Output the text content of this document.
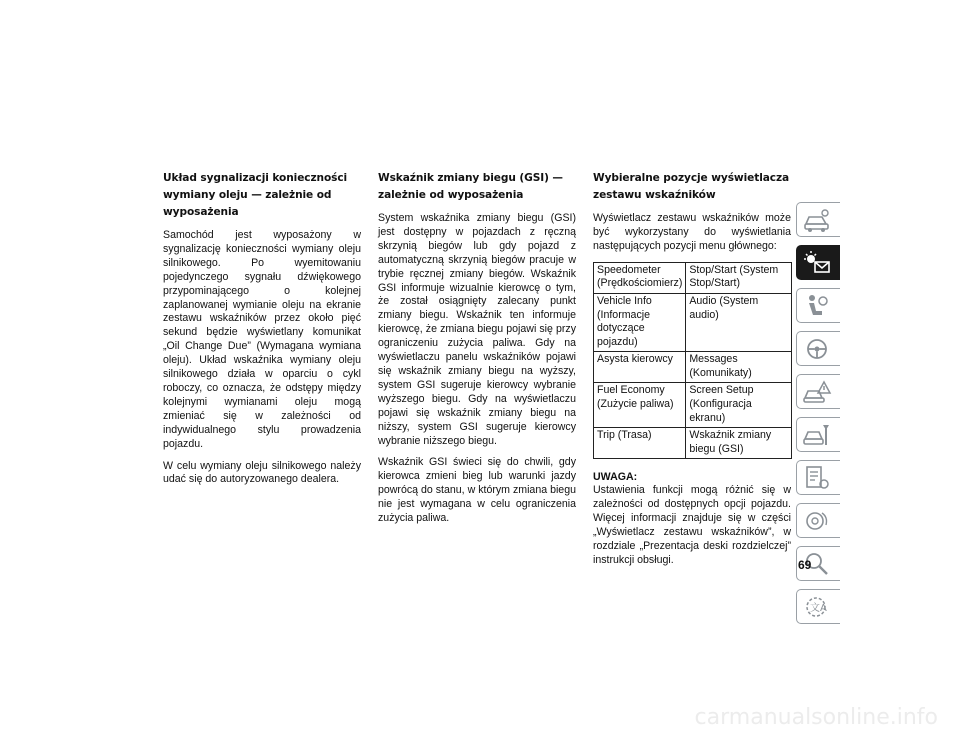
Układ sygnalizacji konieczności wymiany oleju — zależnie od wyposażenia

Samochód jest wyposażony w sygnalizację konieczności wymiany oleju silnikowego. Po wyemitowaniu pojedynczego sygnału dźwiękowego przypominającego o kolejnej zaplanowanej wymianie oleju na ekranie zestawu wskaźników przez około pięć sekund będzie wyświetlany komunikat „Oil Change Due” (Wymagana wymiana oleju). Układ wskaźnika wymiany oleju silnikowego działa w oparciu o cykl roboczy, co oznacza, że odstępy między kolejnymi wymianami oleju mogą zmieniać się w zależności od indywidualnego stylu prowadzenia pojazdu.

W celu wymiany oleju silnikowego należy udać się do autoryzowanego dealera.

Wskaźnik zmiany biegu (GSI) — zależnie od wyposażenia

System wskaźnika zmiany biegu (GSI) jest dostępny w pojazdach z ręczną skrzynią biegów lub gdy pojazd z automatyczną skrzynią biegów pracuje w trybie ręcznej zmiany biegów. Wskaźnik GSI informuje wizualnie kierowcę o tym, że został osiągnięty zalecany punkt zmiany biegu. Wskaźnik ten informuje kierowcę, że zmiana biegu pojawi się przy ograniczeniu zużycia paliwa. Gdy na wyświetlaczu panelu wskaźników pojawi się wskaźnik zmiany biegu na wyższy, system GSI sugeruje kierowcy wybranie wyższego biegu. Gdy na wyświetlaczu pojawi się wskaźnik zmiany biegu na niższy, system GSI sugeruje kierowcy wybranie niższego biegu.

Wskaźnik GSI świeci się do chwili, gdy kierowca zmieni bieg lub warunki jazdy powrócą do stanu, w którym zmiana biegu nie jest wymagana w celu ograniczenia zużycia paliwa.

Wybieralne pozycje wyświetlacza zestawu wskaźników

Wyświetlacz zestawu wskaźników może być wykorzystany do wyświetlania następujących pozycji menu głównego:

Speedometer (Prędkościomierz)	Stop/Start (System Stop/Start)
Vehicle Info (Informacje dotyczące pojazdu)	Audio (System audio)
Asysta kierowcy	Messages (Komunikaty)
Fuel Economy (Zużycie paliwa)	Screen Setup (Konfiguracja ekranu)
Trip (Trasa)	Wskaźnik zmiany biegu (GSI)
UWAGA:

Ustawienia funkcji mogą różnić się w zależności od dostępnych opcji pojazdu. Więcej informacji znajduje się w części „Wyświetlacz zestawu wskaźników”, w rozdziale „Prezentacja deski rozdzielczej” instrukcji obsługi.

文A
69
carmanualsonline.info
